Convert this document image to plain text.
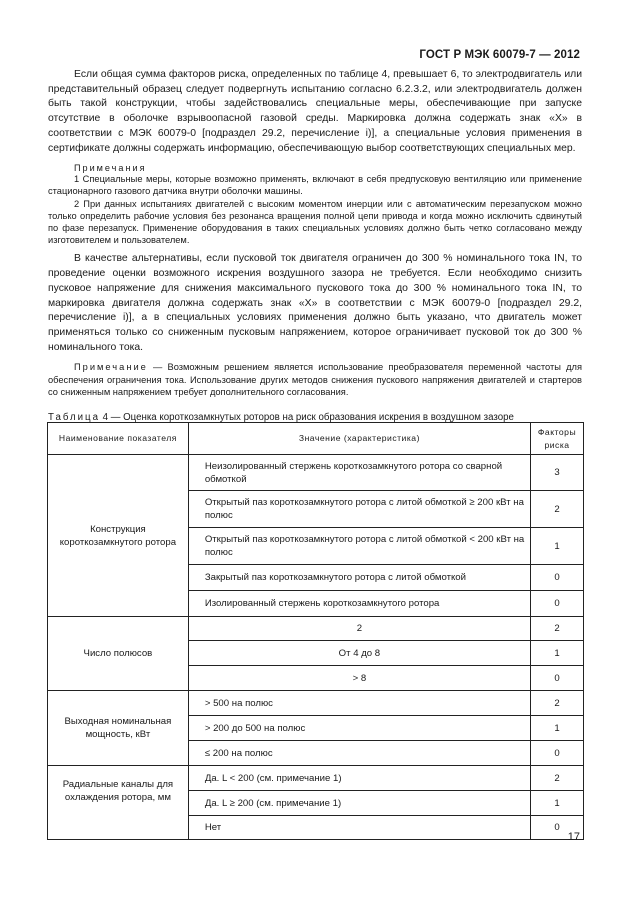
ГОСТ Р МЭК 60079-7 — 2012

Если общая сумма факторов риска, определенных по таблице 4, превышает 6, то электродвигатель или представительный образец следует подвергнуть испытанию согласно 6.2.3.2, или электродвигатель должен быть такой конструкции, чтобы задействовались специальные меры, обеспечивающие при запуске отсутствие в оболочке взрывоопасной газовой среды. Маркировка должна содержать знак «X» в соответствии с МЭК 60079-0 [подраздел 29.2, перечисление i)], а специальные условия применения в сертификате должны содержать информацию, обеспечивающую выбор соответствующих специальных мер.

Примечания

1 Специальные меры, которые возможно применять, включают в себя предпусковую вентиляцию или применение стационарного газового датчика внутри оболочки машины.

2 При данных испытаниях двигателей с высоким моментом инерции или с автоматическим перезапуском можно только определить рабочие условия без резонанса вращения полной цепи привода и когда можно исключить сдвинутый по фазе перезапуск. Применение оборудования в таких специальных условиях должно быть четко согласовано между изготовителем и пользователем.

В качестве альтернативы, если пусковой ток двигателя ограничен до 300 % номинального тока IN, то проведение оценки возможного искрения воздушного зазора не требуется. Если необходимо снизить пусковое напряжение для снижения максимального пускового тока до 300 % номинального тока IN, то маркировка двигателя должна содержать знак «X» в соответствии с МЭК 60079-0 [подраздел 29.2, перечисление i)], а в специальных условиях применения должно быть указано, что двигатель может применяться только со сниженным пусковым напряжением, которое ограничивает пусковой ток до 300 % номинального тока.

Примечание — Возможным решением является использование преобразователя переменной частоты для обеспечения ограничения тока. Использование других методов снижения пускового напряжения двигателей и стартеров со сниженным напряжением требует дополнительного согласования.

Таблица 4 — Оценка короткозамкнутых роторов на риск образования искрения в воздушном зазоре
Наименование показателя	Значение (характеристика)	Факторы риска
Конструкция короткозамкнутого ротора	Неизолированный стержень короткозамкнутого ротора со сварной обмоткой	3
	Открытый паз короткозамкнутого ротора с литой обмоткой ≥ 200 кВт на полюс	2
	Открытый паз короткозамкнутого ротора с литой обмоткой < 200 кВт на полюс	1
	Закрытый паз короткозамкнутого ротора с литой обмоткой	0
	Изолированный стержень короткозамкнутого ротора	0
Число полюсов	2	2
	От 4 до 8	1
	> 8	0
Выходная номинальная мощность, кВт	> 500 на полюс	2
	> 200 до 500 на полюс	1
	≤ 200 на полюс	0
Радиальные каналы для охлаждения ротора, мм	Да. L < 200 (см. примечание 1)	2
	Да. L ≥ 200 (см. примечание 1)	1
	Нет	0
17
